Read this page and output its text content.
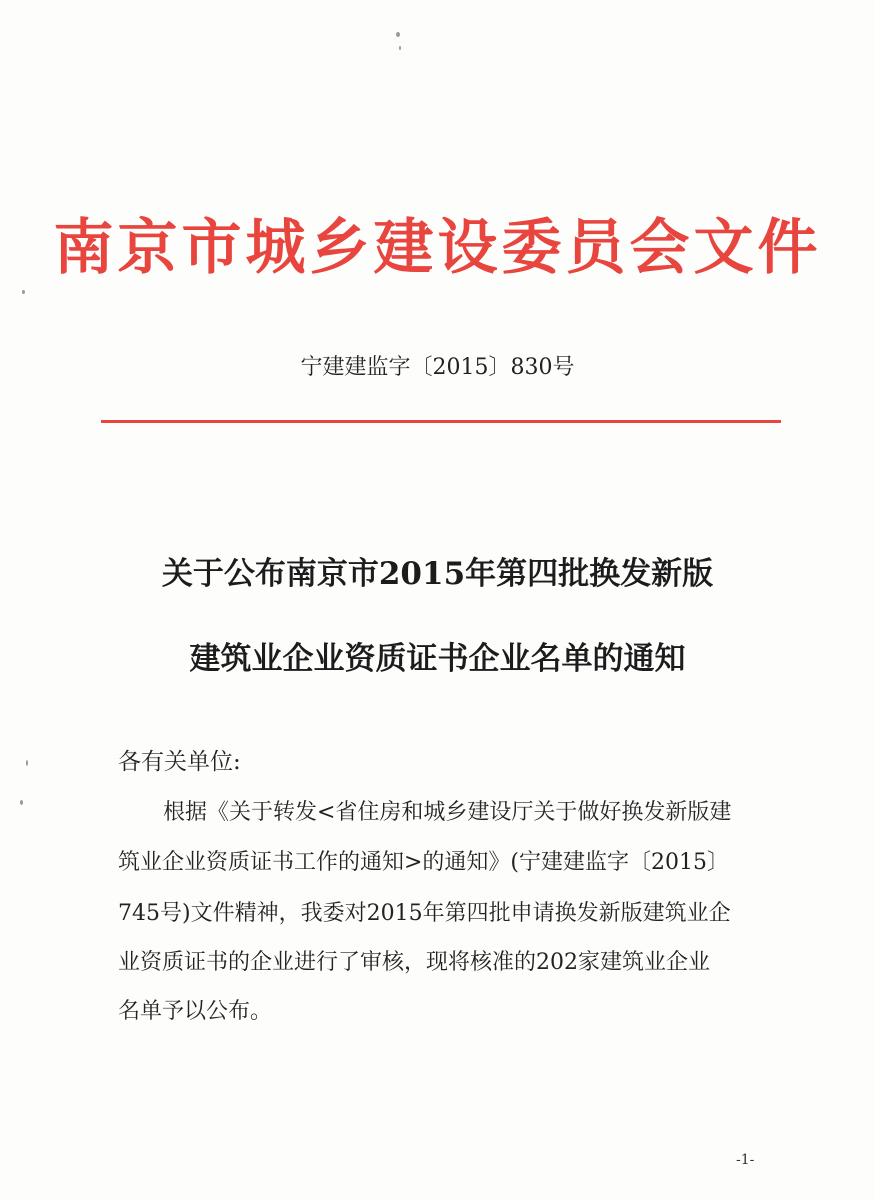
南京市城乡建设委员会文件
宁建建监字〔2015〕830号
关于公布南京市2015年第四批换发新版
建筑业企业资质证书企业名单的通知
各有关单位:
根据《关于转发<省住房和城乡建设厅关于做好换发新版建
筑业企业资质证书工作的通知>的通知》(宁建建监字〔2015〕
745号)文件精神，我委对2015年第四批申请换发新版建筑业企
业资质证书的企业进行了审核，现将核准的202家建筑业企业
名单予以公布。
-1-
